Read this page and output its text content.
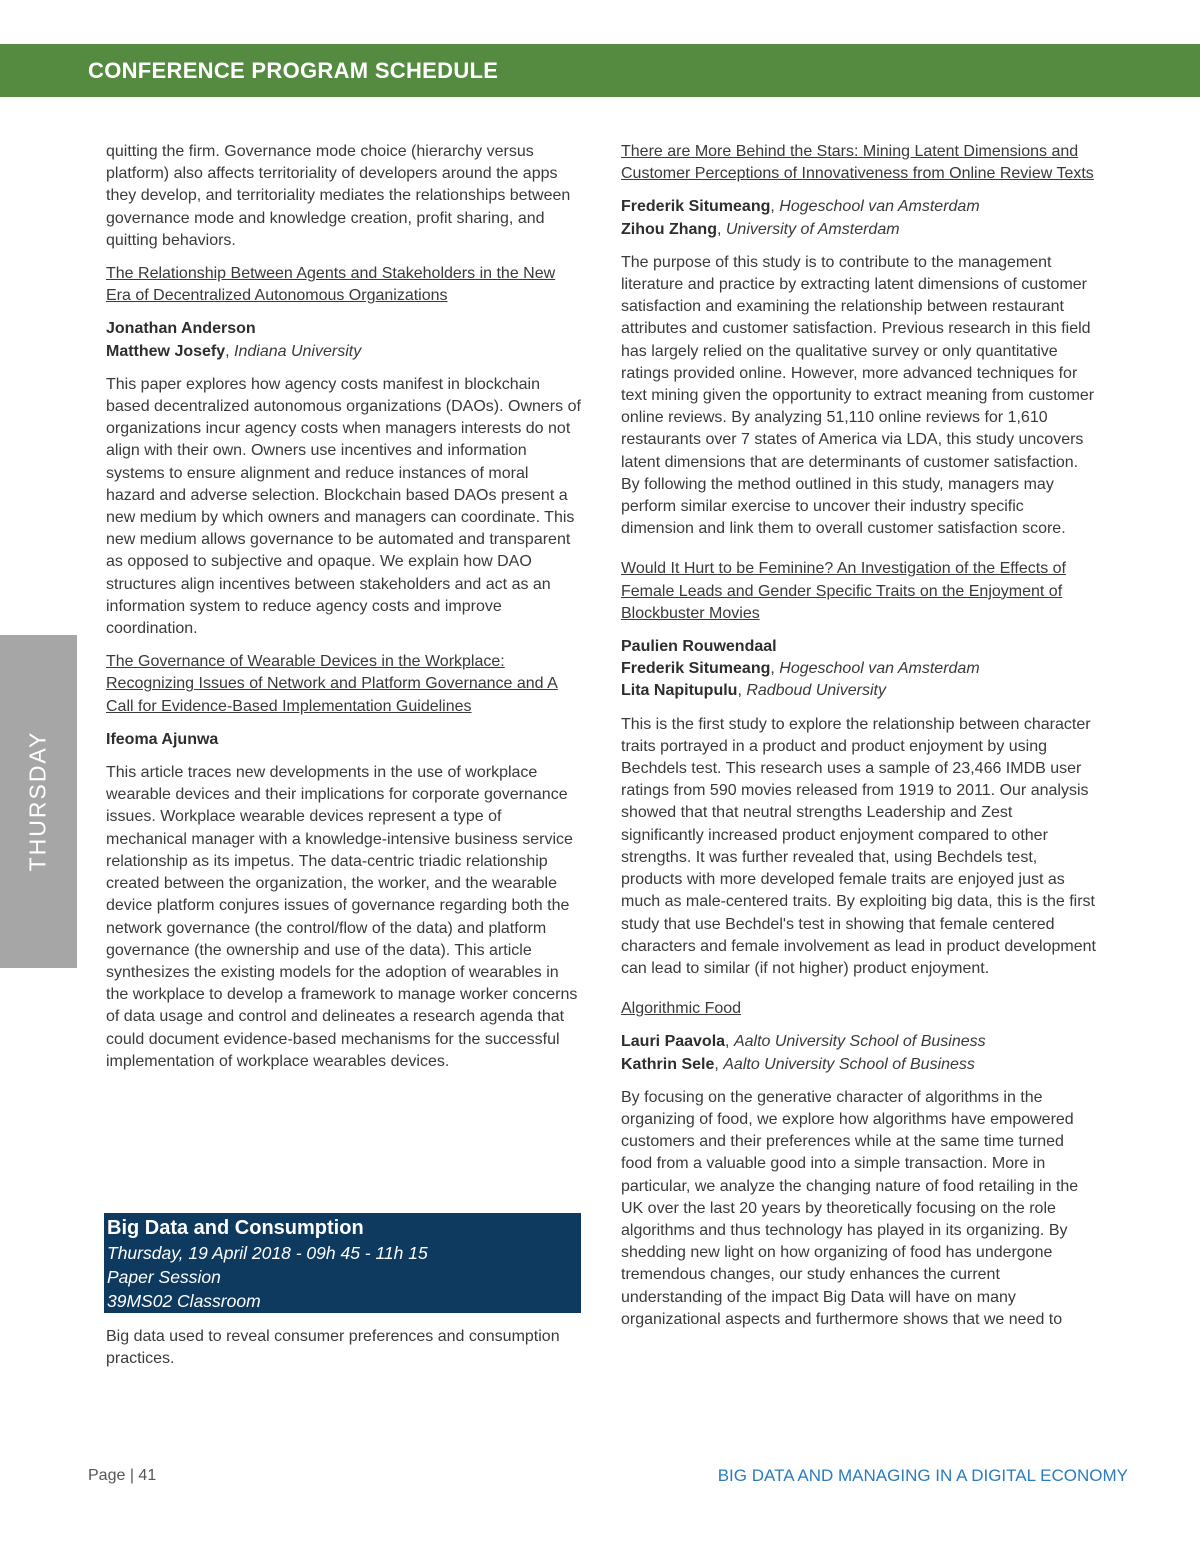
CONFERENCE PROGRAM SCHEDULE
THURSDAY

quitting the firm. Governance mode choice (hierarchy versus platform) also affects territoriality of developers around the apps they develop, and territoriality mediates the relationships between governance mode and knowledge creation, profit sharing, and quitting behaviors.

The Relationship Between Agents and Stakeholders in the New Era of Decentralized Autonomous Organizations
Jonathan Anderson
Matthew Josefy, Indiana University

This paper explores how agency costs manifest in blockchain based decentralized autonomous organizations (DAOs). Owners of organizations incur agency costs when managers interests do not align with their own. Owners use incentives and information systems to ensure alignment and reduce instances of moral hazard and adverse selection. Blockchain based DAOs present a new medium by which owners and managers can coordinate. This new medium allows governance to be automated and transparent as opposed to subjective and opaque. We explain how DAO structures align incentives between stakeholders and act as an information system to reduce agency costs and improve coordination.

The Governance of Wearable Devices in the Workplace: Recognizing Issues of Network and Platform Governance and A Call for Evidence-Based Implementation Guidelines
Ifeoma Ajunwa

This article traces new developments in the use of workplace wearable devices and their implications for corporate governance issues. Workplace wearable devices represent a type of mechanical manager with a knowledge-intensive business service relationship as its impetus. The data-centric triadic relationship created between the organization, the worker, and the wearable device platform conjures issues of governance regarding both the network governance (the control/flow of the data) and platform governance (the ownership and use of the data). This article synthesizes the existing models for the adoption of wearables in the workplace to develop a framework to manage worker concerns of data usage and control and delineates a research agenda that could document evidence-based mechanisms for the successful implementation of workplace wearables devices.

Big Data and Consumption
Thursday, 19 April 2018 - 09h 45 - 11h 15
Paper Session
39MS02 Classroom
Big data used to reveal consumer preferences and consumption practices.
There are More Behind the Stars: Mining Latent Dimensions and Customer Perceptions of Innovativeness from Online Review Texts
Frederik Situmeang, Hogeschool van Amsterdam
Zihou Zhang, University of Amsterdam

The purpose of this study is to contribute to the management literature and practice by extracting latent dimensions of customer satisfaction and examining the relationship between restaurant attributes and customer satisfaction. Previous research in this field has largely relied on the qualitative survey or only quantitative ratings provided online. However, more advanced techniques for text mining given the opportunity to extract meaning from customer online reviews. By analyzing 51,110 online reviews for 1,610 restaurants over 7 states of America via LDA, this study uncovers latent dimensions that are determinants of customer satisfaction. By following the method outlined in this study, managers may perform similar exercise to uncover their industry specific dimension and link them to overall customer satisfaction score.

Would It Hurt to be Feminine? An Investigation of the Effects of Female Leads and Gender Specific Traits on the Enjoyment of Blockbuster Movies
Paulien Rouwendaal
Frederik Situmeang, Hogeschool van Amsterdam
Lita Napitupulu, Radboud University

This is the first study to explore the relationship between character traits portrayed in a product and product enjoyment by using Bechdels test. This research uses a sample of 23,466 IMDB user ratings from 590 movies released from 1919 to 2011. Our analysis showed that that neutral strengths Leadership and Zest significantly increased product enjoyment compared to other strengths. It was further revealed that, using Bechdels test, products with more developed female traits are enjoyed just as much as male-centered traits. By exploiting big data, this is the first study that use Bechdel's test in showing that female centered characters and female involvement as lead in product development can lead to similar (if not higher) product enjoyment.

Algorithmic Food
Lauri Paavola, Aalto University School of Business
Kathrin Sele, Aalto University School of Business

By focusing on the generative character of algorithms in the organizing of food, we explore how algorithms have empowered customers and their preferences while at the same time turned food from a valuable good into a simple transaction. More in particular, we analyze the changing nature of food retailing in the UK over the last 20 years by theoretically focusing on the role algorithms and thus technology has played in its organizing. By shedding new light on how organizing of food has undergone tremendous changes, our study enhances the current understanding of the impact Big Data will have on many organizational aspects and furthermore shows that we need to

Page | 41	BIG DATA AND MANAGING IN A DIGITAL ECONOMY
